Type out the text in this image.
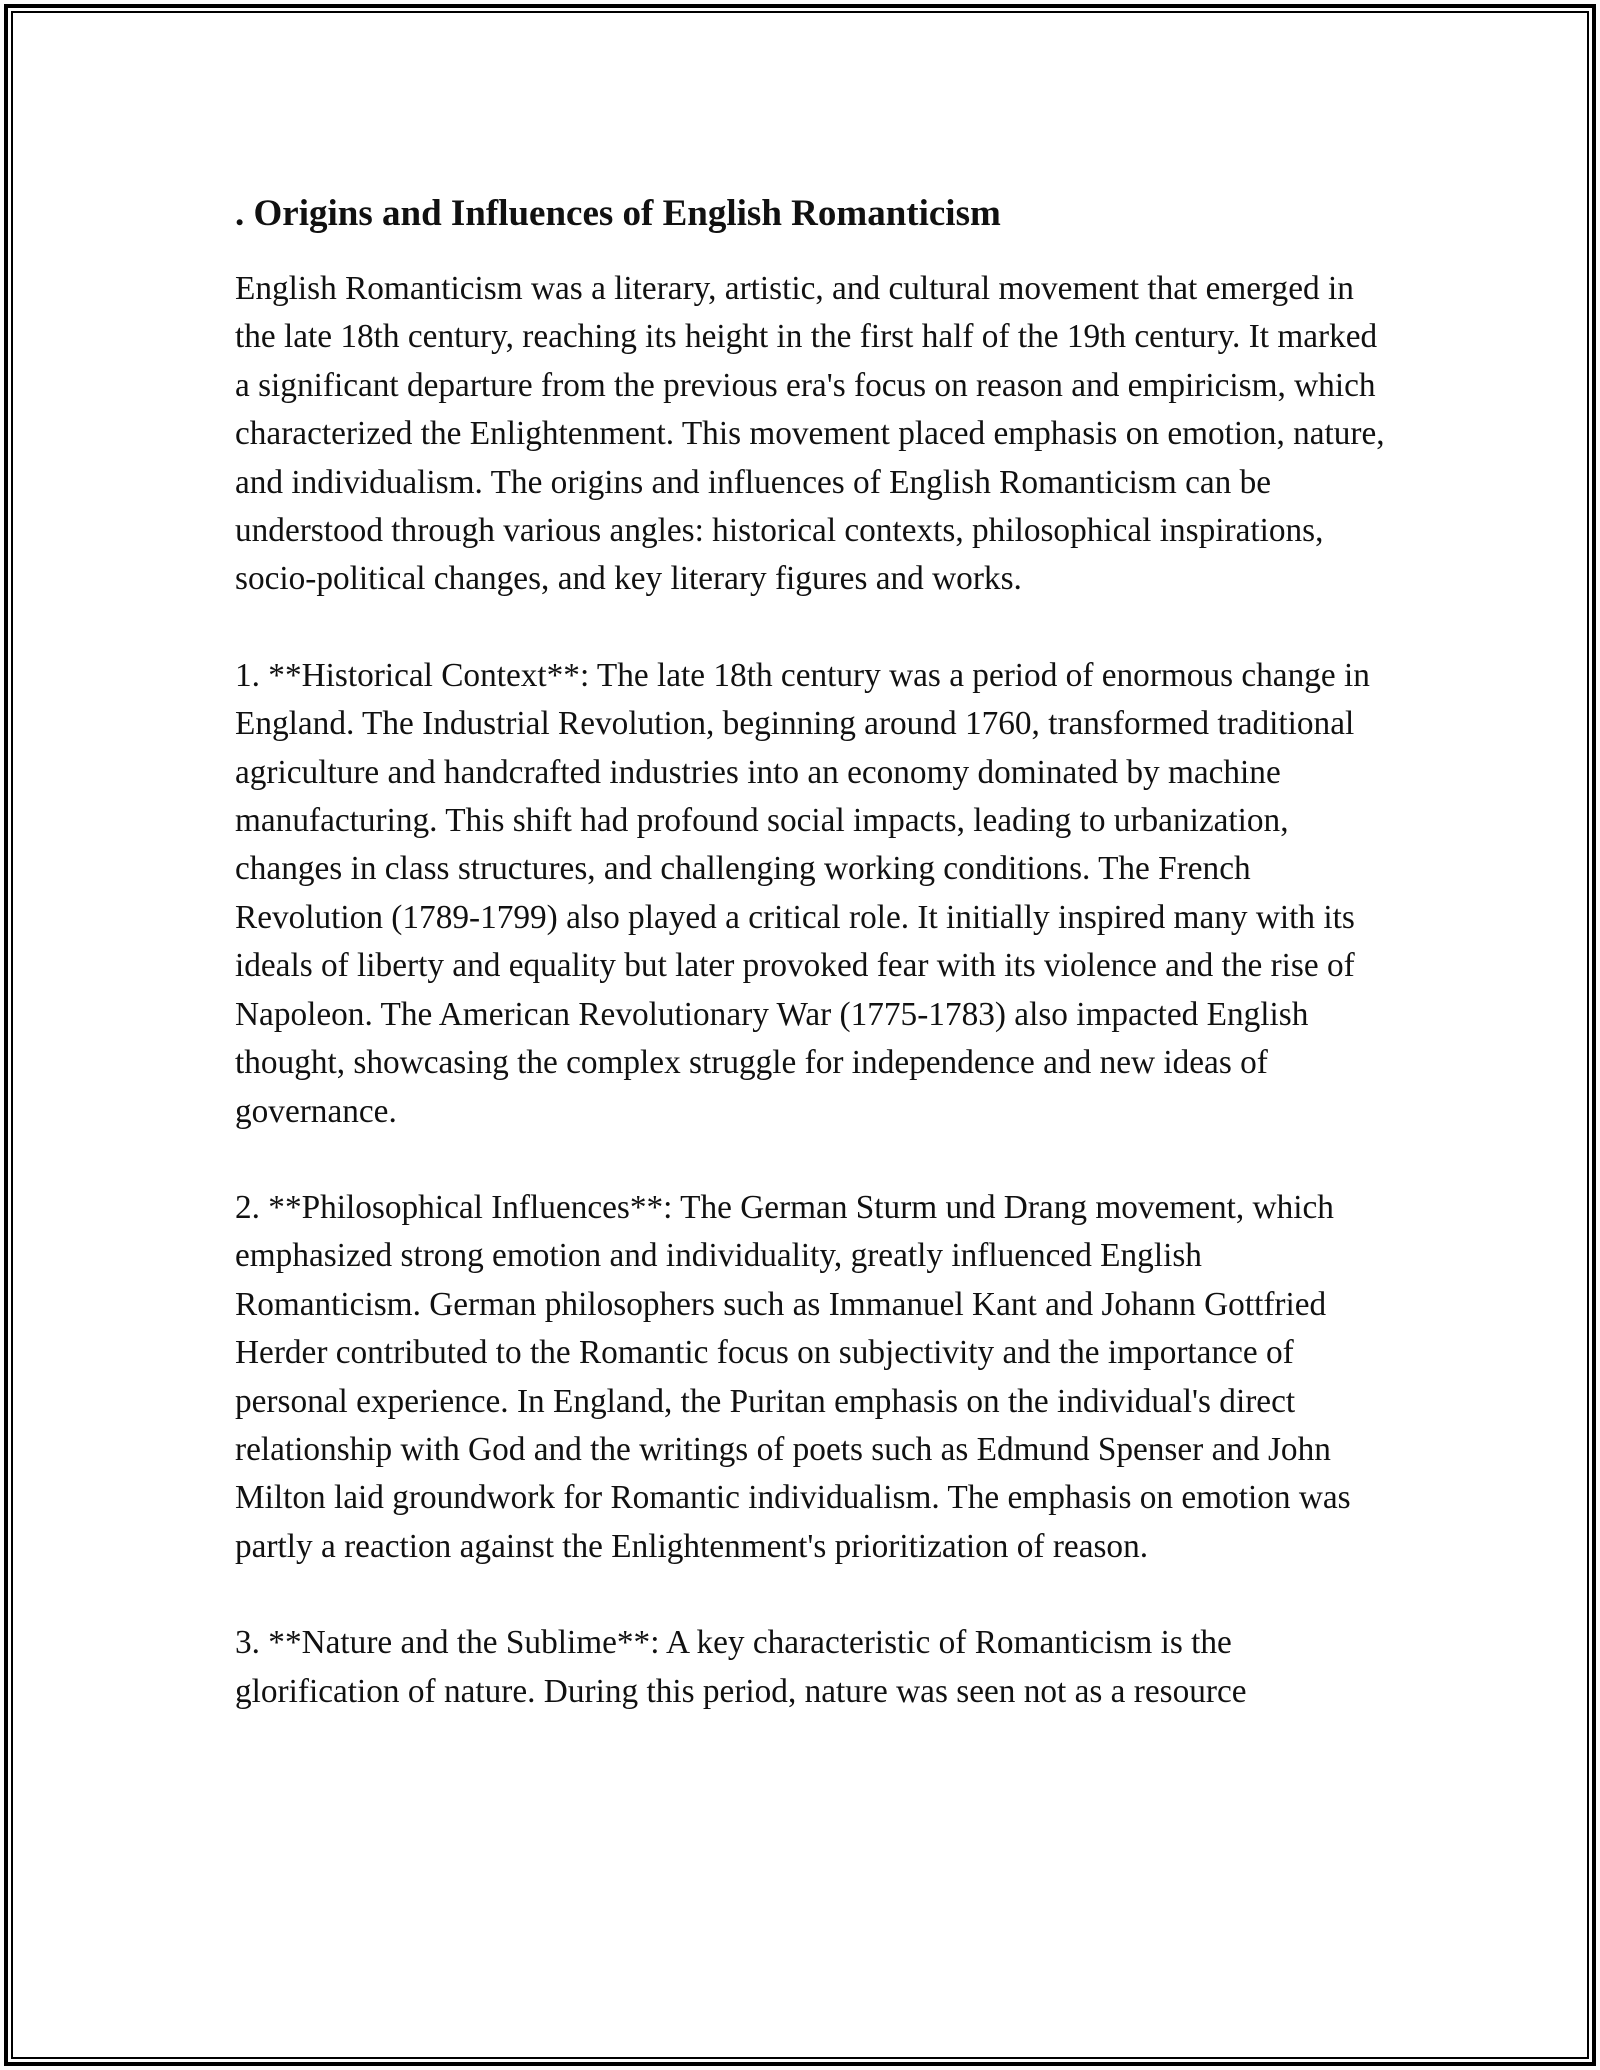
. Origins and Influences of English Romanticism

English Romanticism was a literary, artistic, and cultural movement that emerged in the late 18th century, reaching its height in the first half of the 19th century. It marked a significant departure from the previous era's focus on reason and empiricism, which characterized the Enlightenment. This movement placed emphasis on emotion, nature, and individualism. The origins and influences of English Romanticism can be understood through various angles: historical contexts, philosophical inspirations, socio-political changes, and key literary figures and works.

1. **Historical Context**: The late 18th century was a period of enormous change in England. The Industrial Revolution, beginning around 1760, transformed traditional agriculture and handcrafted industries into an economy dominated by machine manufacturing. This shift had profound social impacts, leading to urbanization, changes in class structures, and challenging working conditions. The French Revolution (1789-1799) also played a critical role. It initially inspired many with its ideals of liberty and equality but later provoked fear with its violence and the rise of Napoleon. The American Revolutionary War (1775-1783) also impacted English thought, showcasing the complex struggle for independence and new ideas of governance.

2. **Philosophical Influences**: The German Sturm und Drang movement, which emphasized strong emotion and individuality, greatly influenced English Romanticism. German philosophers such as Immanuel Kant and Johann Gottfried Herder contributed to the Romantic focus on subjectivity and the importance of personal experience. In England, the Puritan emphasis on the individual's direct relationship with God and the writings of poets such as Edmund Spenser and John Milton laid groundwork for Romantic individualism. The emphasis on emotion was partly a reaction against the Enlightenment's prioritization of reason.

3. **Nature and the Sublime**: A key characteristic of Romanticism is the glorification of nature. During this period, nature was seen not as a resource
